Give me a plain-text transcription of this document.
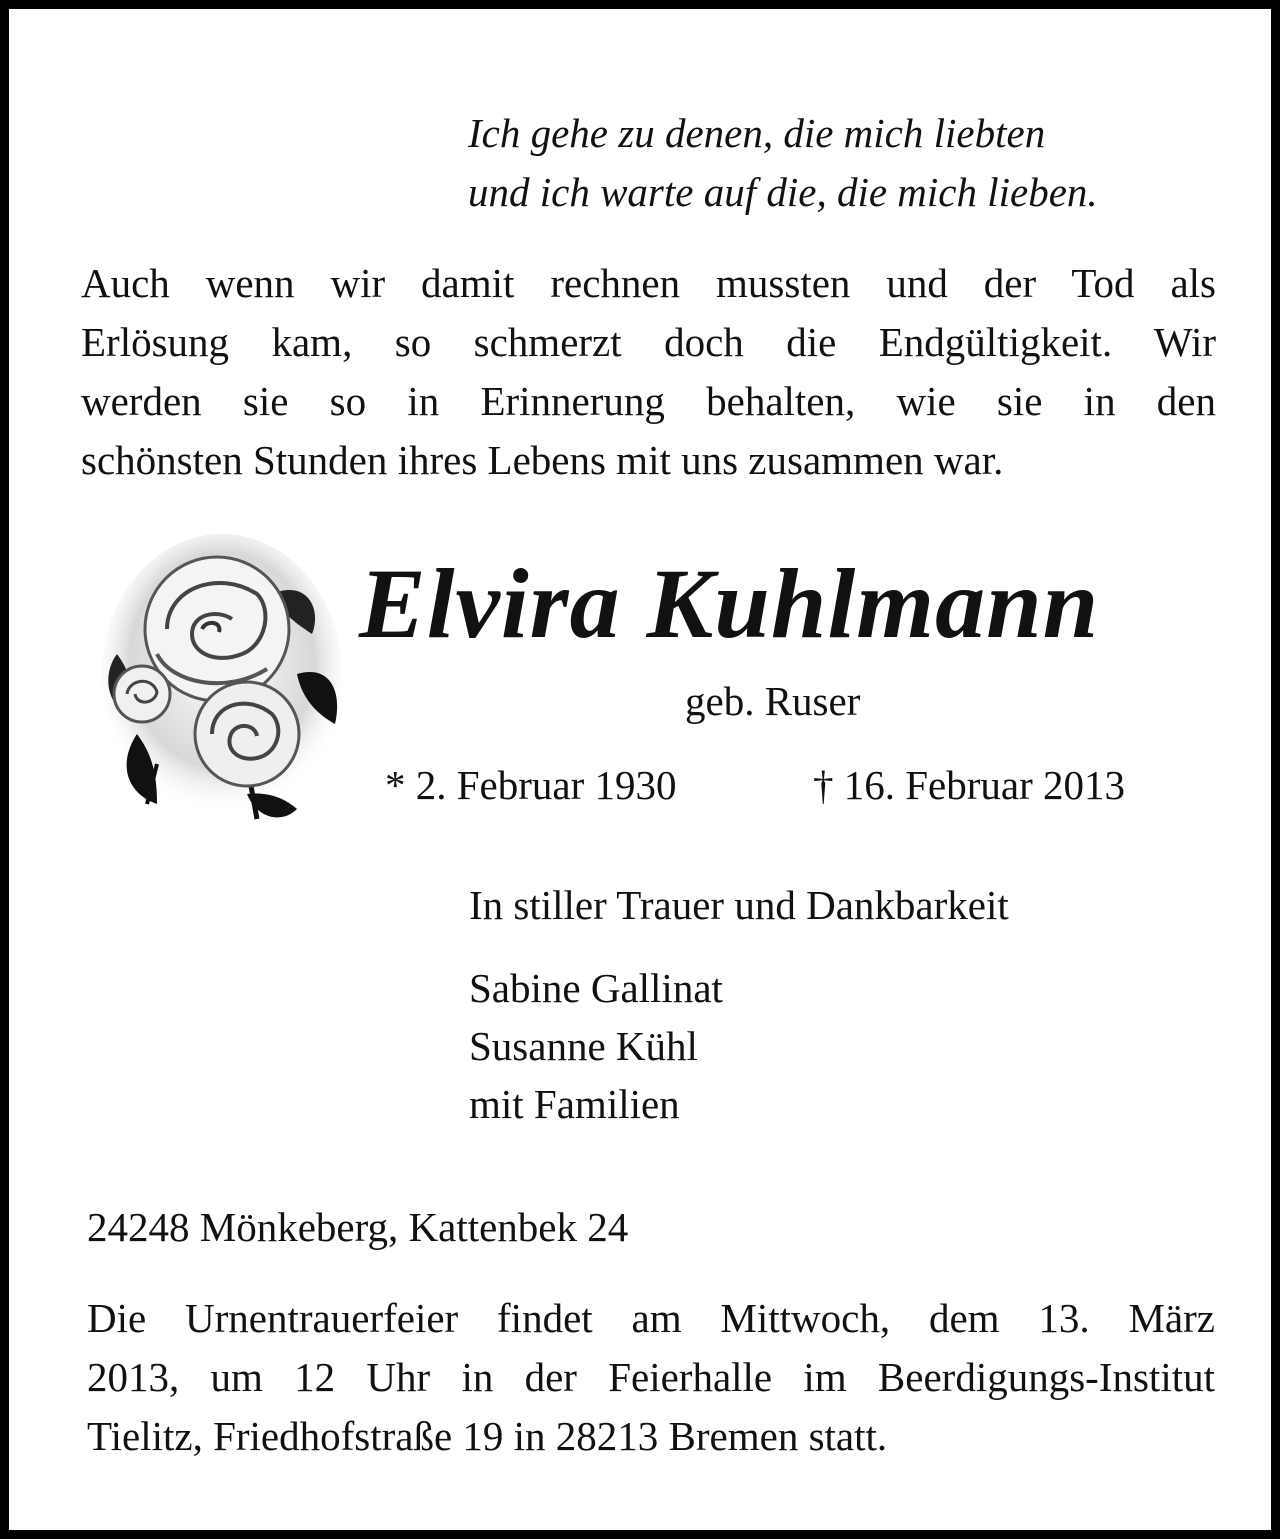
Ich gehe zu denen, die mich liebten
und ich warte auf die, die mich lieben.
Auch wenn wir damit rechnen mussten und der Tod als
Erlösung kam, so schmerzt doch die Endgültigkeit. Wir
werden sie so in Erinnerung behalten, wie sie in den
schönsten Stunden ihres Lebens mit uns zusammen war.
Elvira Kuhlmann
geb. Ruser
* 2. Februar 1930	† 16. Februar 2013
In stiller Trauer und Dankbarkeit
Sabine Gallinat
Susanne Kühl
mit Familien
24248 Mönkeberg, Kattenbek 24
Die Urnentrauerfeier findet am Mittwoch, dem 13. März
2013, um 12 Uhr in der Feierhalle im Beerdigungs-Institut
Tielitz, Friedhofstraße 19 in 28213 Bremen statt.
